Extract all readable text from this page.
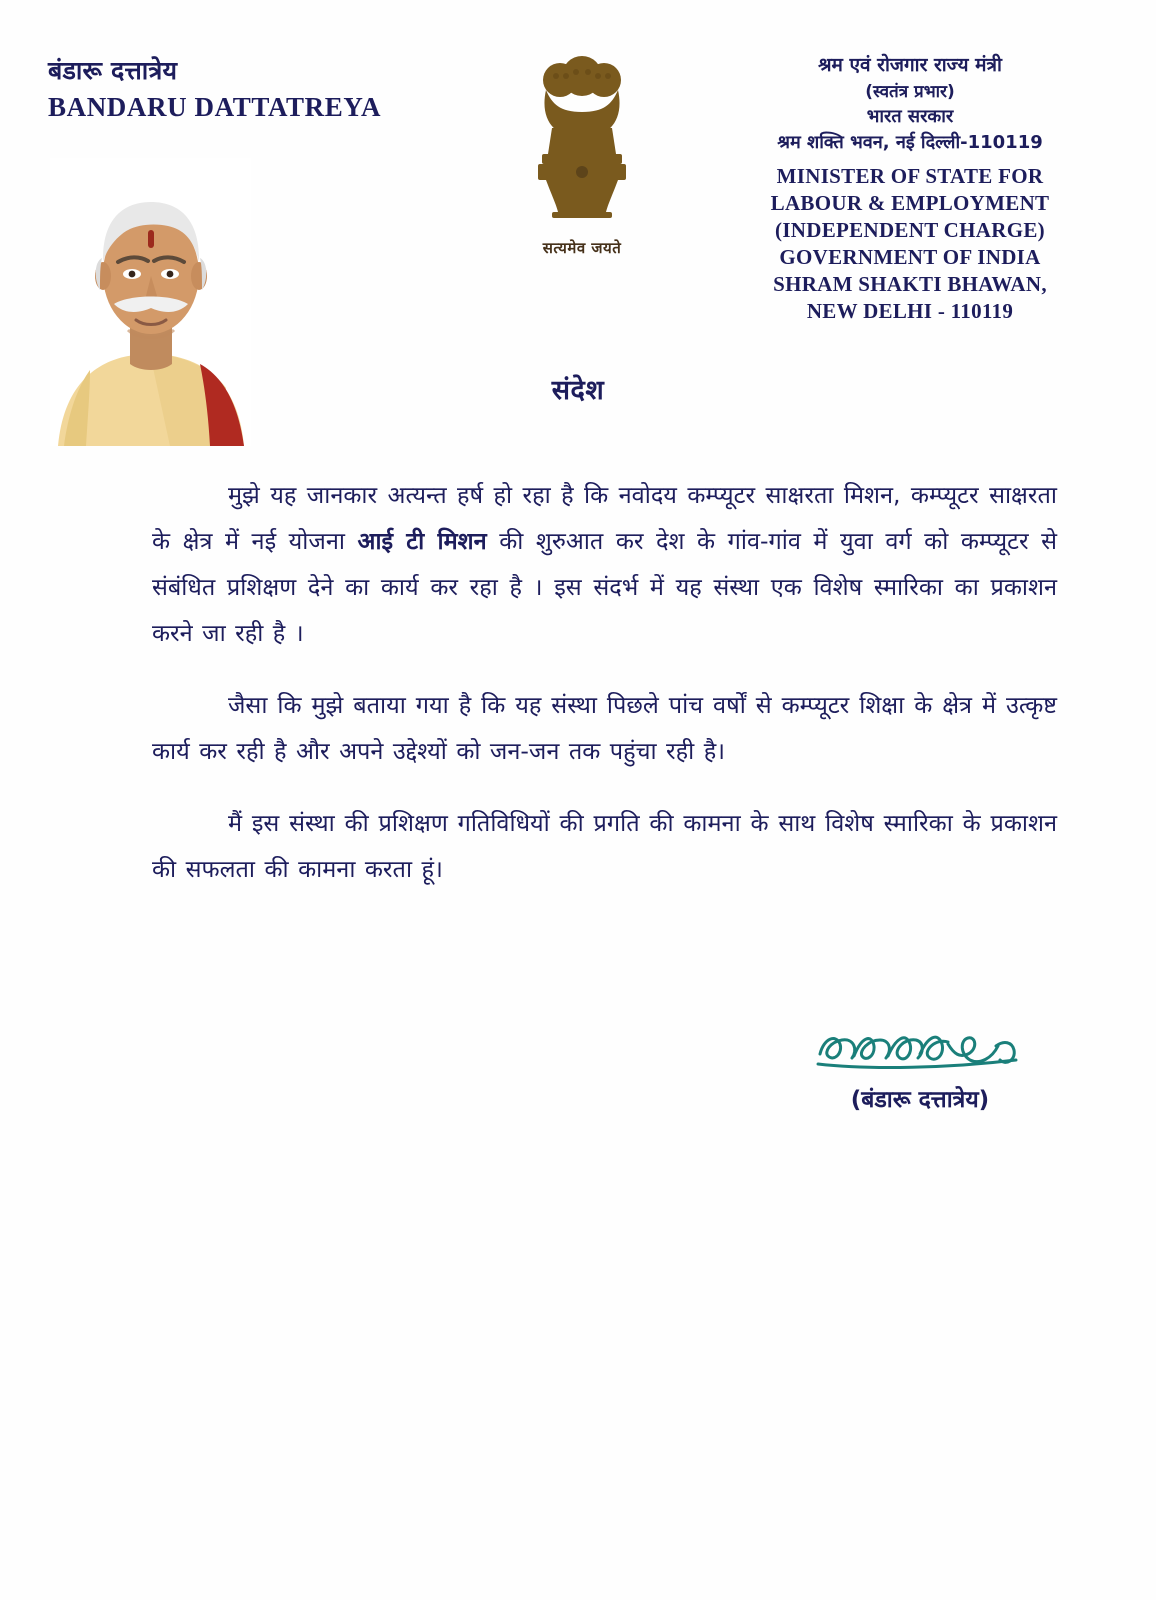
बंडारू दत्तात्रेय
BANDARU DATTATREYA
सत्यमेव जयते
श्रम एवं रोजगार राज्य मंत्री
(स्वतंत्र प्रभार)
भारत सरकार
श्रम शक्ति भवन, नई दिल्ली-110119
MINISTER OF STATE FOR
LABOUR & EMPLOYMENT
(INDEPENDENT CHARGE)
GOVERNMENT OF INDIA
SHRAM SHAKTI BHAWAN,
NEW DELHI - 110119
संदेश

मुझे यह जानकार अत्यन्त हर्ष हो रहा है कि नवोदय कम्प्यूटर साक्षरता मिशन, कम्प्यूटर साक्षरता के क्षेत्र में नई योजना आई टी मिशन की शुरुआत कर देश के गांव-गांव में युवा वर्ग को कम्प्यूटर से संबंधित प्रशिक्षण देने का कार्य कर रहा है । इस संदर्भ में यह संस्था एक विशेष स्मारिका का प्रकाशन करने जा रही है ।

जैसा कि मुझे बताया गया है कि यह संस्था पिछले पांच वर्षों से कम्प्यूटर शिक्षा के क्षेत्र में उत्कृष्ट कार्य कर रही है और अपने उद्देश्यों को जन-जन तक पहुंचा रही है।

मैं इस संस्था की प्रशिक्षण गतिविधियों की प्रगति की कामना के साथ विशेष स्मारिका के प्रकाशन की सफलता की कामना करता हूं।

(बंडारू दत्तात्रेय)
